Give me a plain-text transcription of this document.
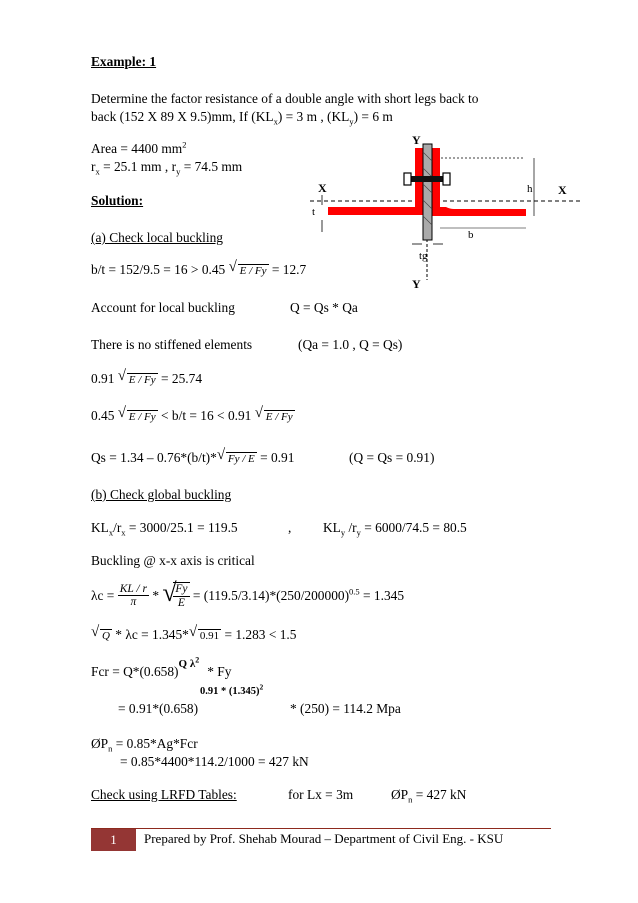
Example: 1
Determine the factor resistance of a double angle with short legs back to
back (152 X 89 X 9.5)mm, If $(KL_x) = 3$ m , $(KL_y) = 6$ m
Area = 4400 $mm^2$
$r_x = 25.1$ mm , $r_y = 74.5$ mm
Solution:
Y
Y
X	X
h
t
b
tg
(a) Check local buckling
b/t = 152/9.5 = 16 > 0.45 √ E / Fy = 12.7
Account for local buckling	Q = Qs * Qa
There is no stiffened elements	(Qa = 1.0 , Q = Qs)
0.91 √ E / Fy = 25.74
0.45 √ E / Fy < b/t = 16 < 0.91 √ E / Fy
Qs = 1.34 – 0.76*(b/t)* √ Fy / E = 0.91	(Q = Qs = 0.91)
(b) Check global buckling
$KL_x/r_x = 3000/25.1 = 119.5$	, $KL_y$ $/r_y = 6000/74.5 = 80.5$
Buckling @ x-x axis is critical
$\lambda c = \frac{KL / r}{\pi}$ * √
$\frac{Fy}{E} = (119.5/3.14)*(250/200000)^{0.5} = 1.345$
√ Q * λc = 1.345* √ 0.91 = 1.283 < 1.5
Fcr = $Q*(0.658)^{Q \lambda^2}*$ Fy
$0.91 * (1.345)^2$
= 0.91*(0.658)	* (250) = 114.2 Mpa
$ØP_n = 0.85*Ag*Fcr$
= 0.85*4400*114.2/1000 = 427 kN
Check using LRFD Tables:	for Lx = 3m	$ØP_n = 427$ kN
1	Prepared by Prof. Shehab Mourad – Department of Civil Eng. - KSU
